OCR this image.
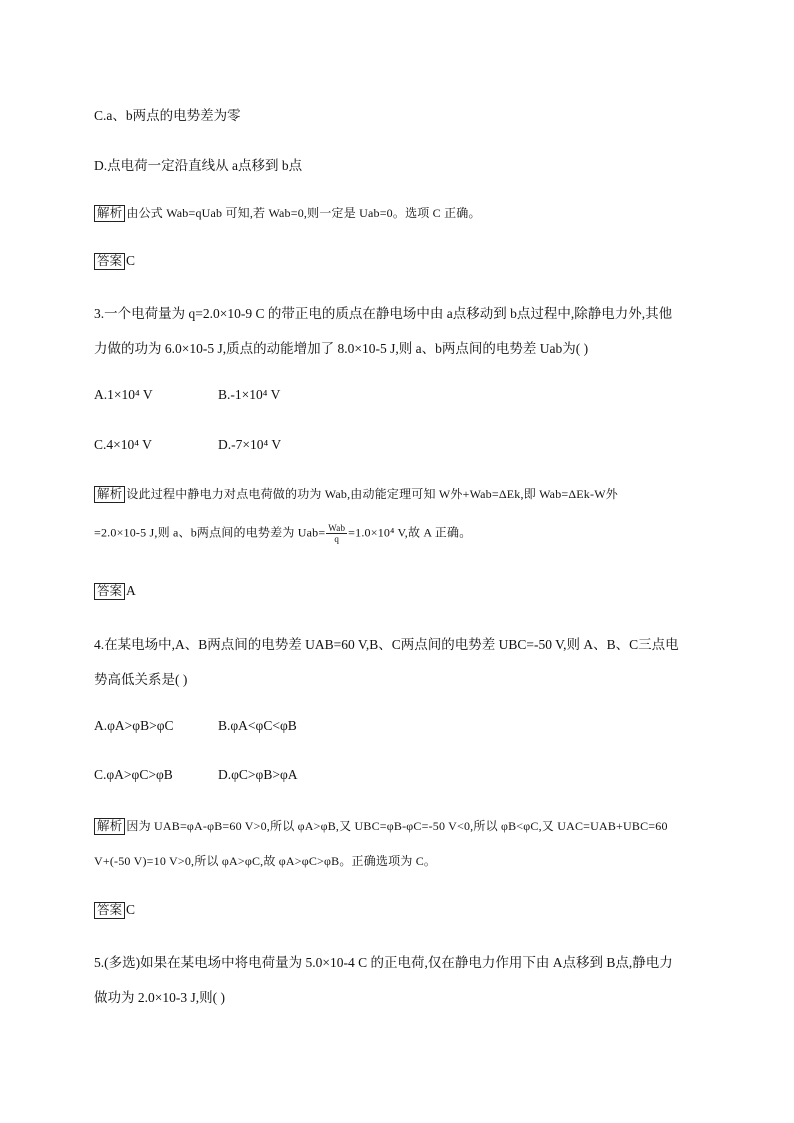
C.a、b两点的电势差为零
D.点电荷一定沿直线从 a点移到 b点
解析 由公式 Wab=qUab 可知,若 Wab=0,则一定是 Uab=0。选项 C 正确。
答案 C
3.一个电荷量为 q=2.0×10-9 C 的带正电的质点在静电场中由 a点移动到 b点过程中,除静电力外,其他
力做的功为 6.0×10-5 J,质点的动能增加了 8.0×10-5 J,则 a、b两点间的电势差 Uab为( )
A.1×10⁴ V	B.-1×10⁴ V
C.4×10⁴ V	D.-7×10⁴ V
解析 设此过程中静电力对点电荷做的功为 Wab,由动能定理可知 W外+Wab=ΔEk,即 Wab=ΔEk-W外
=2.0×10-5 J,则 a、b两点间的电势差为 $Uab= \frac{\text{Wab}}{q} =1.0\times 10^4$ V,故 A 正确。
答案 A
4.在某电场中,A、B两点间的电势差 UAB=60 V,B、C两点间的电势差 UBC=-50 V,则 A、B、C三点电
势高低关系是( )
A.φA>φB>φC	B.φA<φC<φB
C.φA>φC>φB	D.φC>φB>φA
解析 因为 UAB=φA-φB=60 V>0,所以 φA>φB,又 UBC=φB-φC=-50 V<0,所以 φB<φC,又 UAC=UAB+UBC=60
V+(-50 V)=10 V>0,所以 φA>φC,故 φA>φC>φB。正确选项为 C。
答案 C
5.(多选)如果在某电场中将电荷量为 5.0×10-4 C 的正电荷,仅在静电力作用下由 A点移到 B点,静电力
做功为 2.0×10-3 J,则( )
